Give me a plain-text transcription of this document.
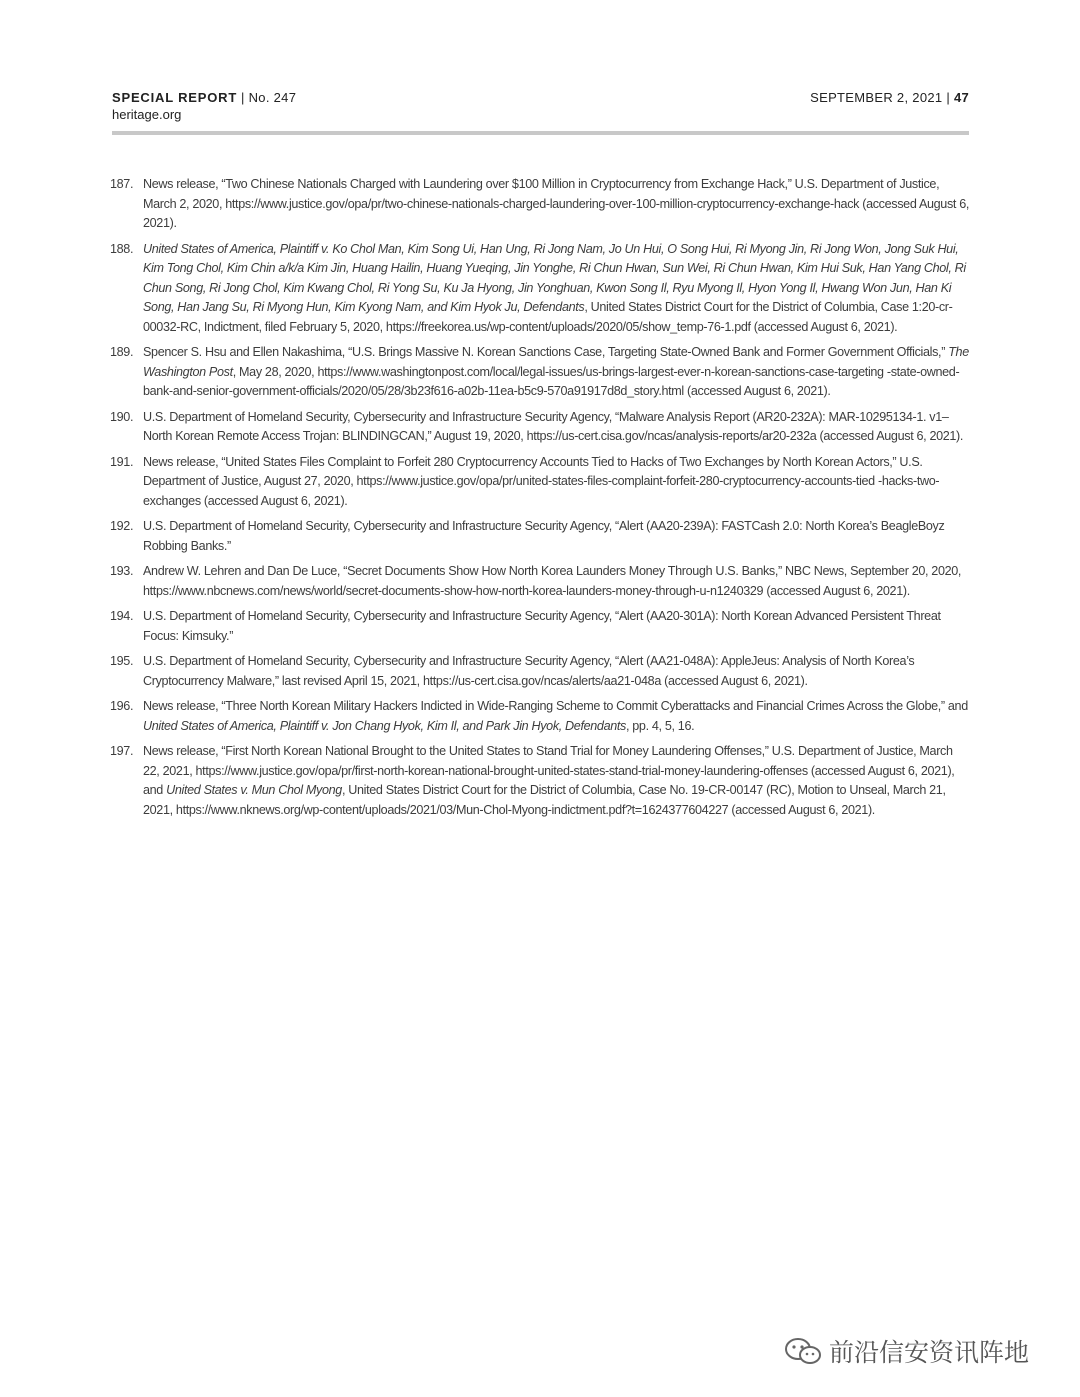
SPECIAL REPORT | No. 247
heritage.org
SEPTEMBER 2, 2021 | 47
187. News release, “Two Chinese Nationals Charged with Laundering over $100 Million in Cryptocurrency from Exchange Hack,” U.S. Department of Justice, March 2, 2020, https://www.justice.gov/opa/pr/two-chinese-nationals-charged-laundering-over-100-million-cryptocurrency-exchange-hack (accessed August 6, 2021).
188. United States of America, Plaintiff v. Ko Chol Man, Kim Song Ui, Han Ung, Ri Jong Nam, Jo Un Hui, O Song Hui, Ri Myong Jin, Ri Jong Won, Jong Suk Hui, Kim Tong Chol, Kim Chin a/k/a Kim Jin, Huang Hailin, Huang Yueqing, Jin Yonghe, Ri Chun Hwan, Sun Wei, Ri Chun Hwan, Kim Hui Suk, Han Yang Chol, Ri Chun Song, Ri Jong Chol, Kim Kwang Chol, Ri Yong Su, Ku Ja Hyong, Jin Yonghuan, Kwon Song Il, Ryu Myong Il, Hyon Yong Il, Hwang Won Jun, Han Ki Song, Han Jang Su, Ri Myong Hun, Kim Kyong Nam, and Kim Hyok Ju, Defendants, United States District Court for the District of Columbia, Case 1:20-cr-00032-RC, Indictment, filed February 5, 2020, https://freekorea.us/wp-content/uploads/2020/05/show_temp-76-1.pdf (accessed August 6, 2021).
189. Spencer S. Hsu and Ellen Nakashima, “U.S. Brings Massive N. Korean Sanctions Case, Targeting State-Owned Bank and Former Government Officials,” The Washington Post, May 28, 2020, https://www.washingtonpost.com/local/legal-issues/us-brings-largest-ever-n-korean-sanctions-case-targeting -state-owned-bank-and-senior-government-officials/2020/05/28/3b23f616-a02b-11ea-b5c9-570a91917d8d_story.html (accessed August 6, 2021).
190. U.S. Department of Homeland Security, Cybersecurity and Infrastructure Security Agency, “Malware Analysis Report (AR20-232A): MAR-10295134-1. v1–North Korean Remote Access Trojan: BLINDINGCAN,” August 19, 2020, https://us-cert.cisa.gov/ncas/analysis-reports/ar20-232a (accessed August 6, 2021).
191. News release, “United States Files Complaint to Forfeit 280 Cryptocurrency Accounts Tied to Hacks of Two Exchanges by North Korean Actors,” U.S. Department of Justice, August 27, 2020, https://www.justice.gov/opa/pr/united-states-files-complaint-forfeit-280-cryptocurrency-accounts-tied -hacks-two-exchanges (accessed August 6, 2021).
192. U.S. Department of Homeland Security, Cybersecurity and Infrastructure Security Agency, “Alert (AA20-239A): FASTCash 2.0: North Korea’s BeagleBoyz Robbing Banks.”
193. Andrew W. Lehren and Dan De Luce, “Secret Documents Show How North Korea Launders Money Through U.S. Banks,” NBC News, September 20, 2020, https://www.nbcnews.com/news/world/secret-documents-show-how-north-korea-launders-money-through-u-n1240329 (accessed August 6, 2021).
194. U.S. Department of Homeland Security, Cybersecurity and Infrastructure Security Agency, “Alert (AA20-301A): North Korean Advanced Persistent Threat Focus: Kimsuky.”
195. U.S. Department of Homeland Security, Cybersecurity and Infrastructure Security Agency, “Alert (AA21-048A): AppleJeus: Analysis of North Korea’s Cryptocurrency Malware,” last revised April 15, 2021, https://us-cert.cisa.gov/ncas/alerts/aa21-048a (accessed August 6, 2021).
196. News release, “Three North Korean Military Hackers Indicted in Wide-Ranging Scheme to Commit Cyberattacks and Financial Crimes Across the Globe,” and United States of America, Plaintiff v. Jon Chang Hyok, Kim Il, and Park Jin Hyok, Defendants, pp. 4, 5, 16.
197. News release, “First North Korean National Brought to the United States to Stand Trial for Money Laundering Offenses,” U.S. Department of Justice, March 22, 2021, https://www.justice.gov/opa/pr/first-north-korean-national-brought-united-states-stand-trial-money-laundering-offenses (accessed August 6, 2021), and United States v. Mun Chol Myong, United States District Court for the District of Columbia, Case No. 19-CR-00147 (RC), Motion to Unseal, March 21, 2021, https://www.nknews.org/wp-content/uploads/2021/03/Mun-Chol-Myong-indictment.pdf?t=1624377604227 (accessed August 6, 2021).
前沿信安资讯阵地
